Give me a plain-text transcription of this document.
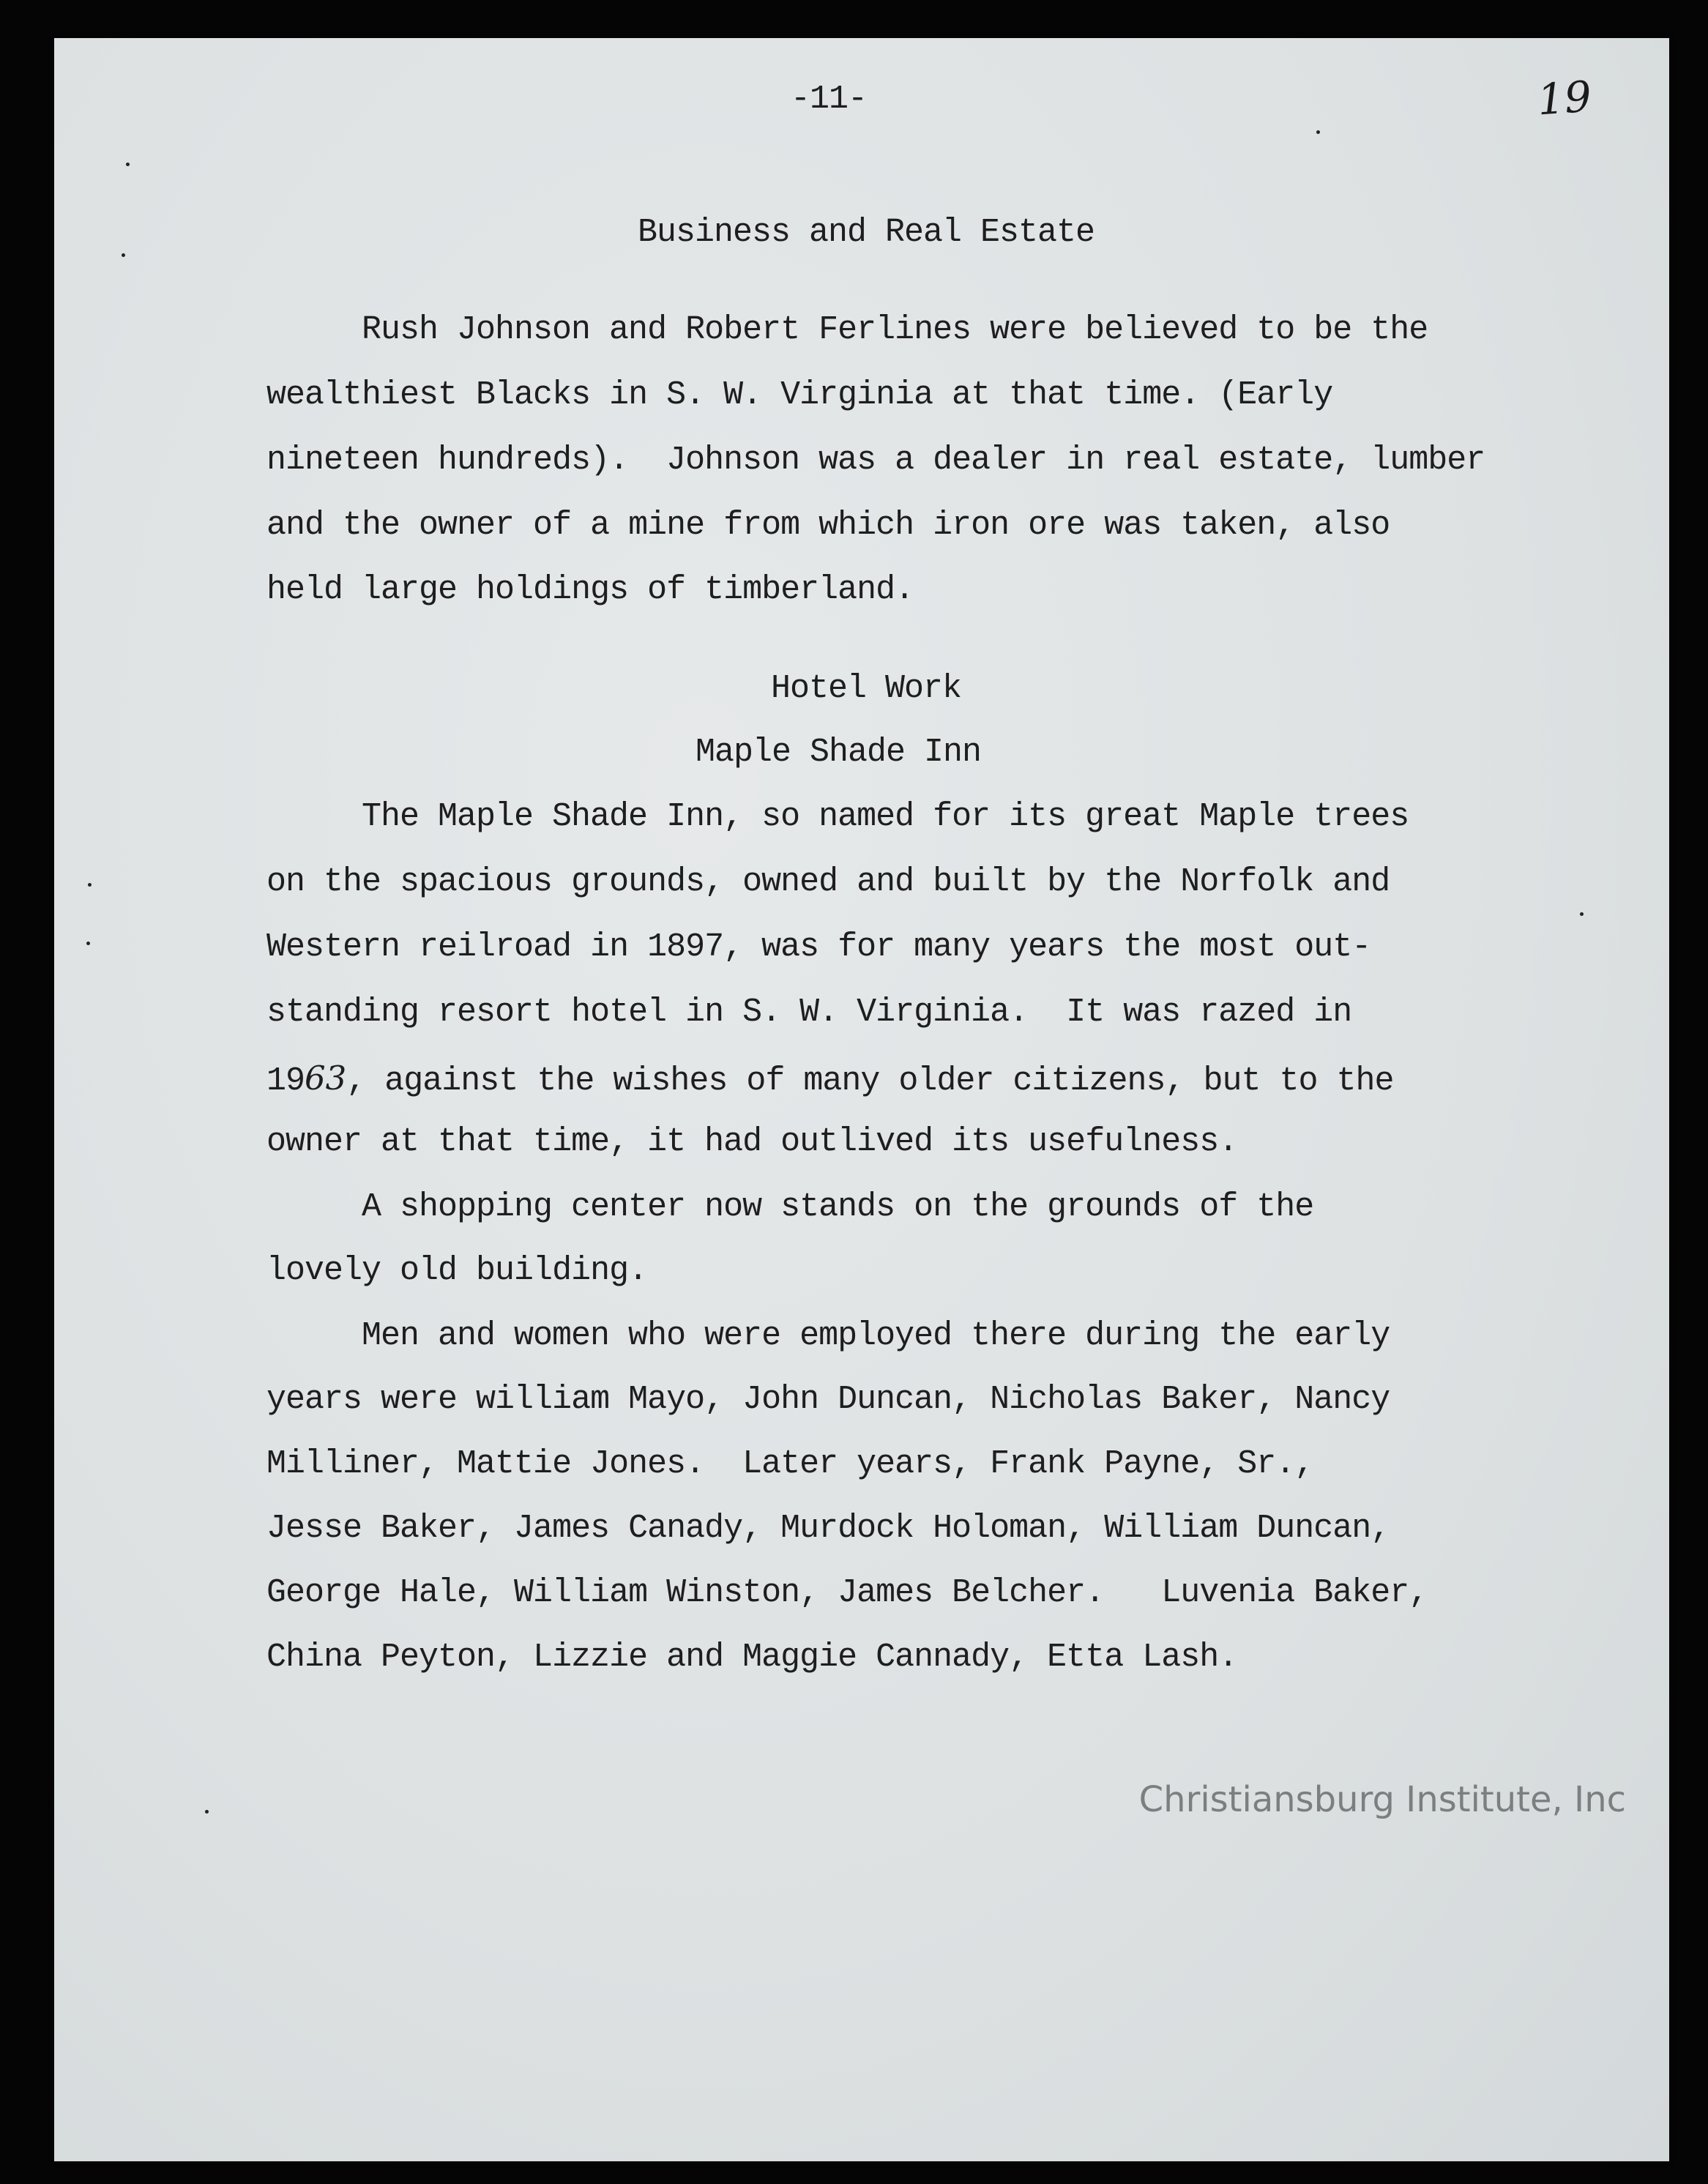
-11-	19

Business and Real Estate

Rush Johnson and Robert Ferlines were believed to be the

wealthiest Blacks in S. W. Virginia at that time. (Early

nineteen hundreds).  Johnson was a dealer in real estate, lumber

and the owner of a mine from which iron ore was taken, also

held large holdings of timberland.

Hotel Work

Maple Shade Inn

The Maple Shade Inn, so named for its great Maple trees

on the spacious grounds, owned and built by the Norfolk and

Western reilroad in 1897, was for many years the most out-

standing resort hotel in S. W. Virginia.  It was razed in

1963, against the wishes of many older citizens, but to the

owner at that time, it had outlived its usefulness.

A shopping center now stands on the grounds of the

lovely old building.

Men and women who were employed there during the early

years were william Mayo, John Duncan, Nicholas Baker, Nancy

Milliner, Mattie Jones.  Later years, Frank Payne, Sr.,

Jesse Baker, James Canady, Murdock Holoman, William Duncan,

George Hale, William Winston, James Belcher.   Luvenia Baker,

China Peyton, Lizzie and Maggie Cannady, Etta Lash.

Christiansburg Institute, Inc
